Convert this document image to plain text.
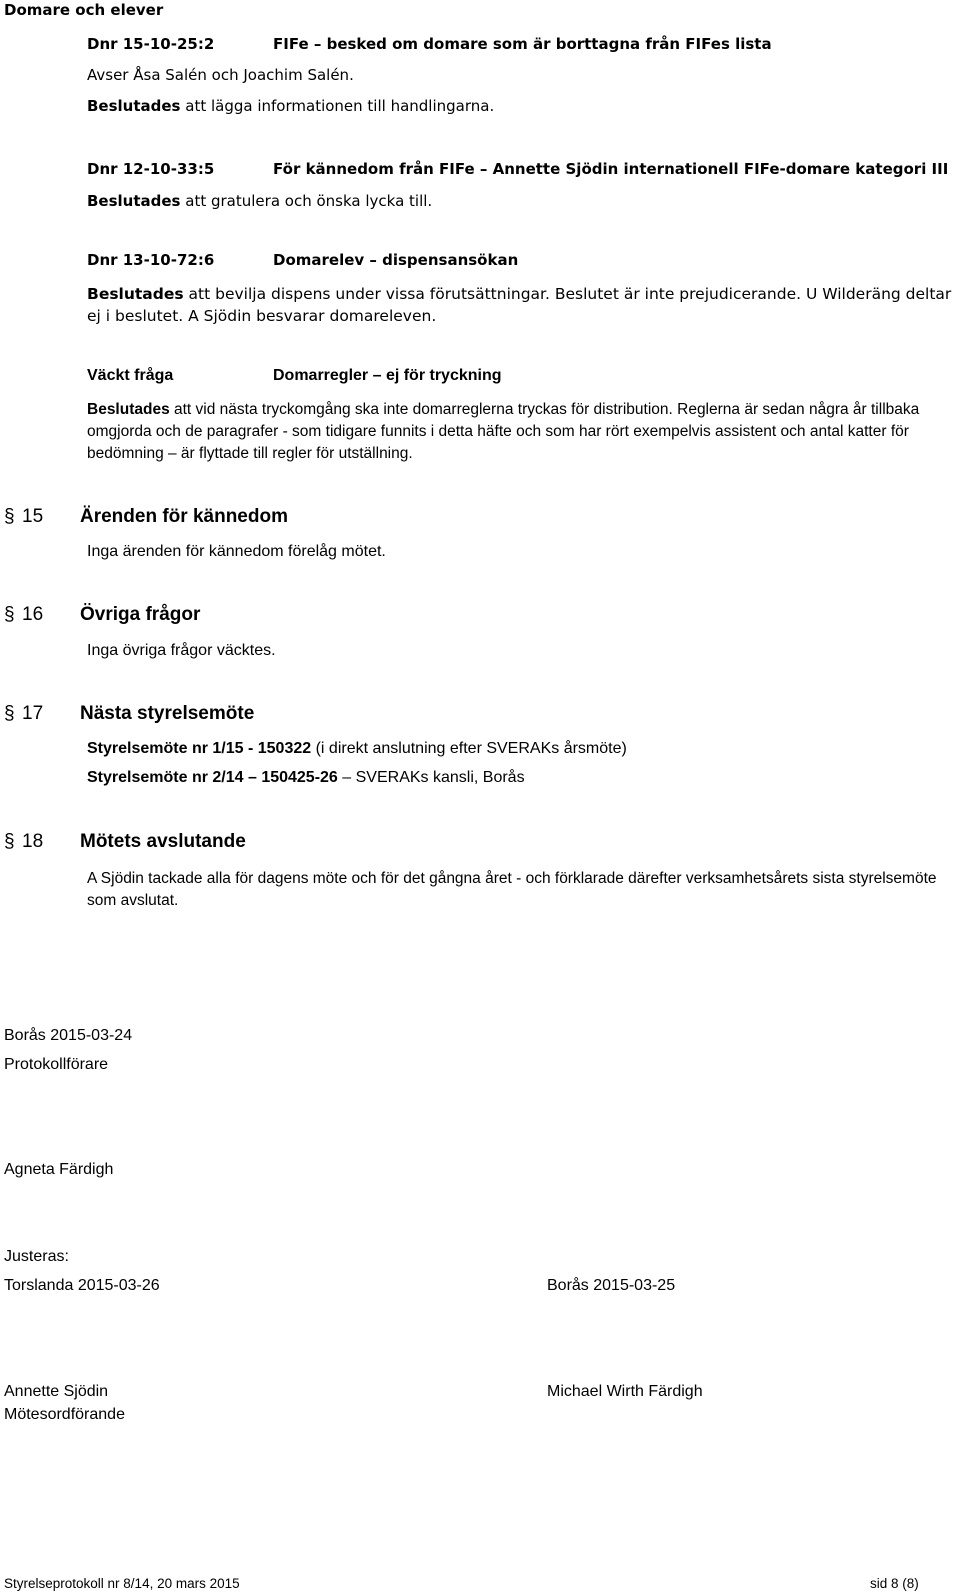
Domare och elever
Dnr 15-10-25:2	FIFe – besked om domare som är borttagna från FIFes lista
Avser Åsa Salén och Joachim Salén.
Beslutades att lägga informationen till handlingarna.
Dnr 12-10-33:5	För kännedom från FIFe – Annette Sjödin internationell FIFe-domare kategori III
Beslutades att gratulera och önska lycka till.
Dnr 13-10-72:6	Domarelev – dispensansökan
Beslutades att bevilja dispens under vissa förutsättningar. Beslutet är inte prejudicerande. U Wilderäng deltar ej i beslutet. A Sjödin besvarar domareleven.
Väckt fråga	Domarregler – ej för tryckning
Beslutades att vid nästa tryckomgång ska inte domarreglerna tryckas för distribution. Reglerna är sedan några år tillbaka omgjorda och de paragrafer - som tidigare funnits i detta häfte och som har rört exempelvis assistent och antal katter för bedömning – är flyttade till regler för utställning.
§ 15 Ärenden för kännedom
Inga ärenden för kännedom förelåg mötet.
§ 16 Övriga frågor
Inga övriga frågor väcktes.
§ 17 Nästa styrelsemöte
Styrelsemöte nr 1/15 - 150322 (i direkt anslutning efter SVERAKs årsmöte)
Styrelsemöte nr 2/14 – 150425-26 – SVERAKs kansli, Borås
§ 18 Mötets avslutande
A Sjödin tackade alla för dagens möte och för det gångna året - och förklarade därefter verksamhetsårets sista styrelsemöte som avslutat.
Borås 2015-03-24
Protokollförare
Agneta Färdigh
Justeras:
Torslanda 2015-03-26	Borås 2015-03-25
Annette Sjödin
Mötesordförande
Michael Wirth Färdigh
Styrelseprotokoll nr 8/14, 20 mars 2015	sid 8 (8)
